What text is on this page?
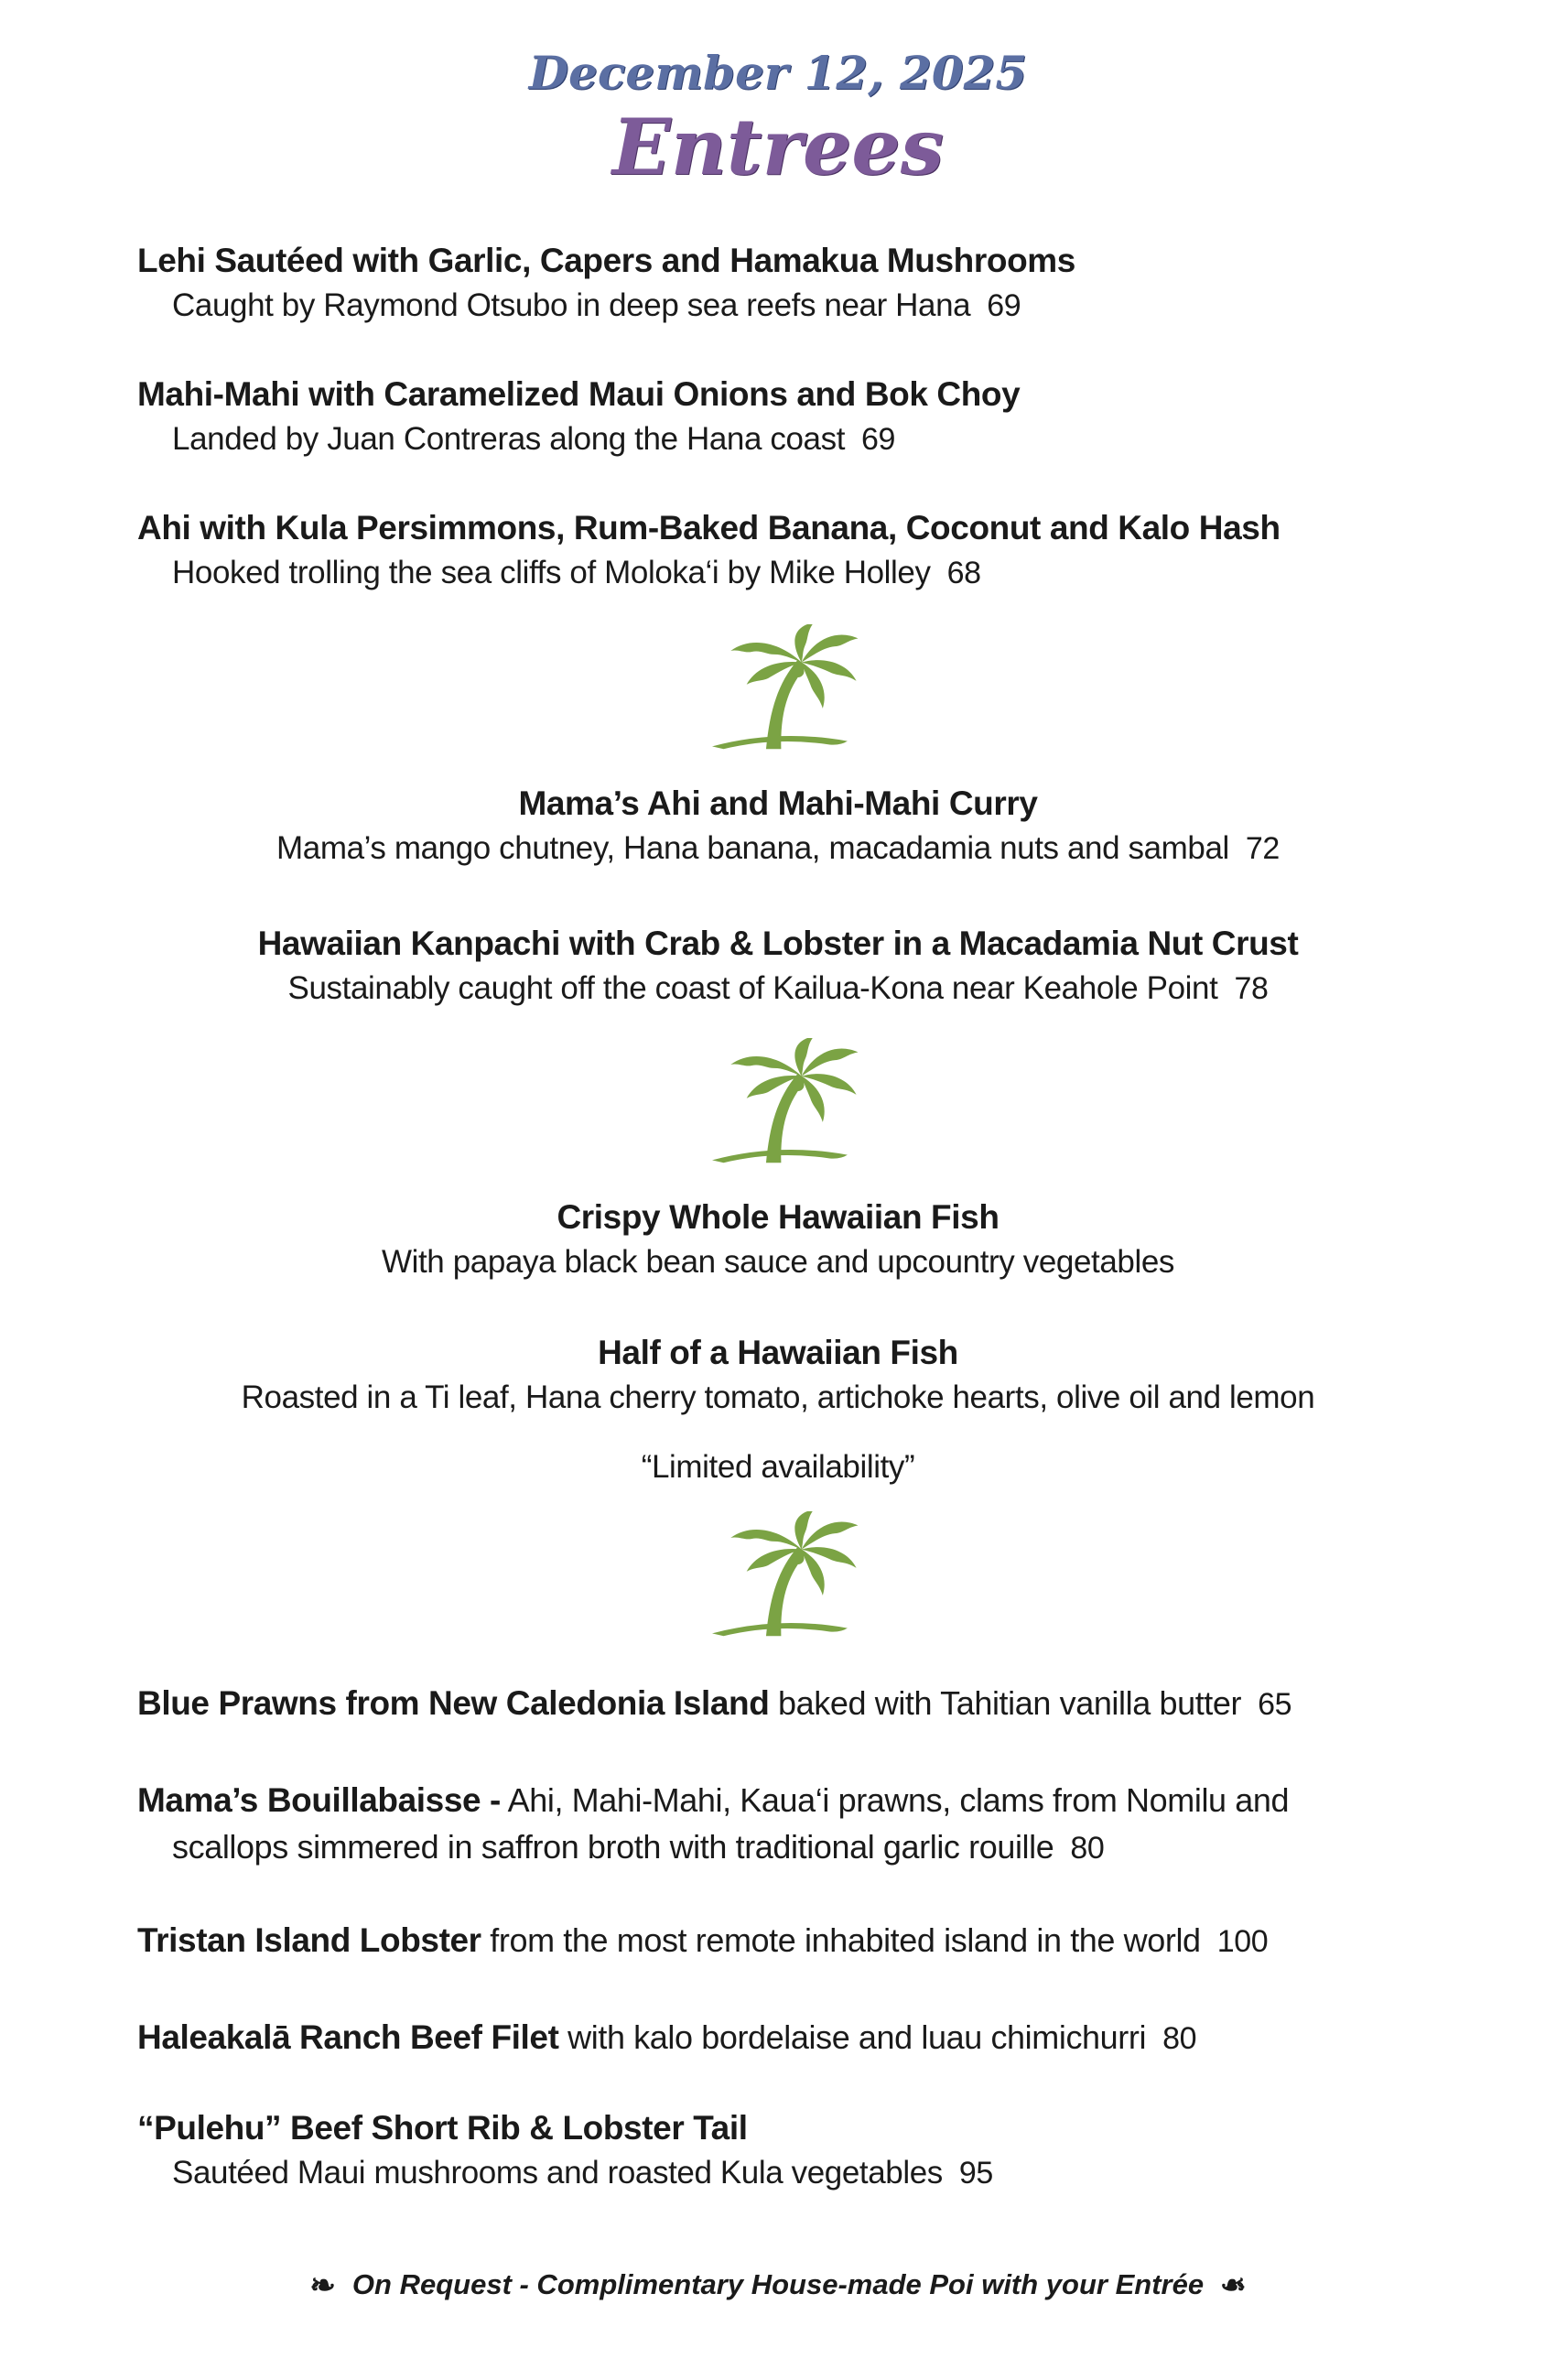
December 12, 2025
Entrees
Lehi Sautéed with Garlic, Capers and Hamakua Mushrooms
Caught by Raymond Otsubo in deep sea reefs near Hana 69
Mahi-Mahi with Caramelized Maui Onions and Bok Choy
Landed by Juan Contreras along the Hana coast 69
Ahi with Kula Persimmons, Rum-Baked Banana, Coconut and Kalo Hash
Hooked trolling the sea cliffs of Moloka‘i by Mike Holley 68
Mama’s Ahi and Mahi-Mahi Curry
Mama’s mango chutney, Hana banana, macadamia nuts and sambal 72
Hawaiian Kanpachi with Crab & Lobster in a Macadamia Nut Crust
Sustainably caught off the coast of Kailua-Kona near Keahole Point 78
Crispy Whole Hawaiian Fish
With papaya black bean sauce and upcountry vegetables
Half of a Hawaiian Fish
Roasted in a Ti leaf, Hana cherry tomato, artichoke hearts, olive oil and lemon
“Limited availability”
Blue Prawns from New Caledonia Island baked with Tahitian vanilla butter 65
Mama’s Bouillabaisse - Ahi, Mahi-Mahi, Kaua‘i prawns, clams from Nomilu and
scallops simmered in saffron broth with traditional garlic rouille 80
Tristan Island Lobster from the most remote inhabited island in the world 100
Haleakalā Ranch Beef Filet with kalo bordelaise and luau chimichurri 80
“Pulehu” Beef Short Rib & Lobster Tail
Sautéed Maui mushrooms and roasted Kula vegetables 95
❧ On Request - Complimentary House-made Poi with your Entrée ❧
